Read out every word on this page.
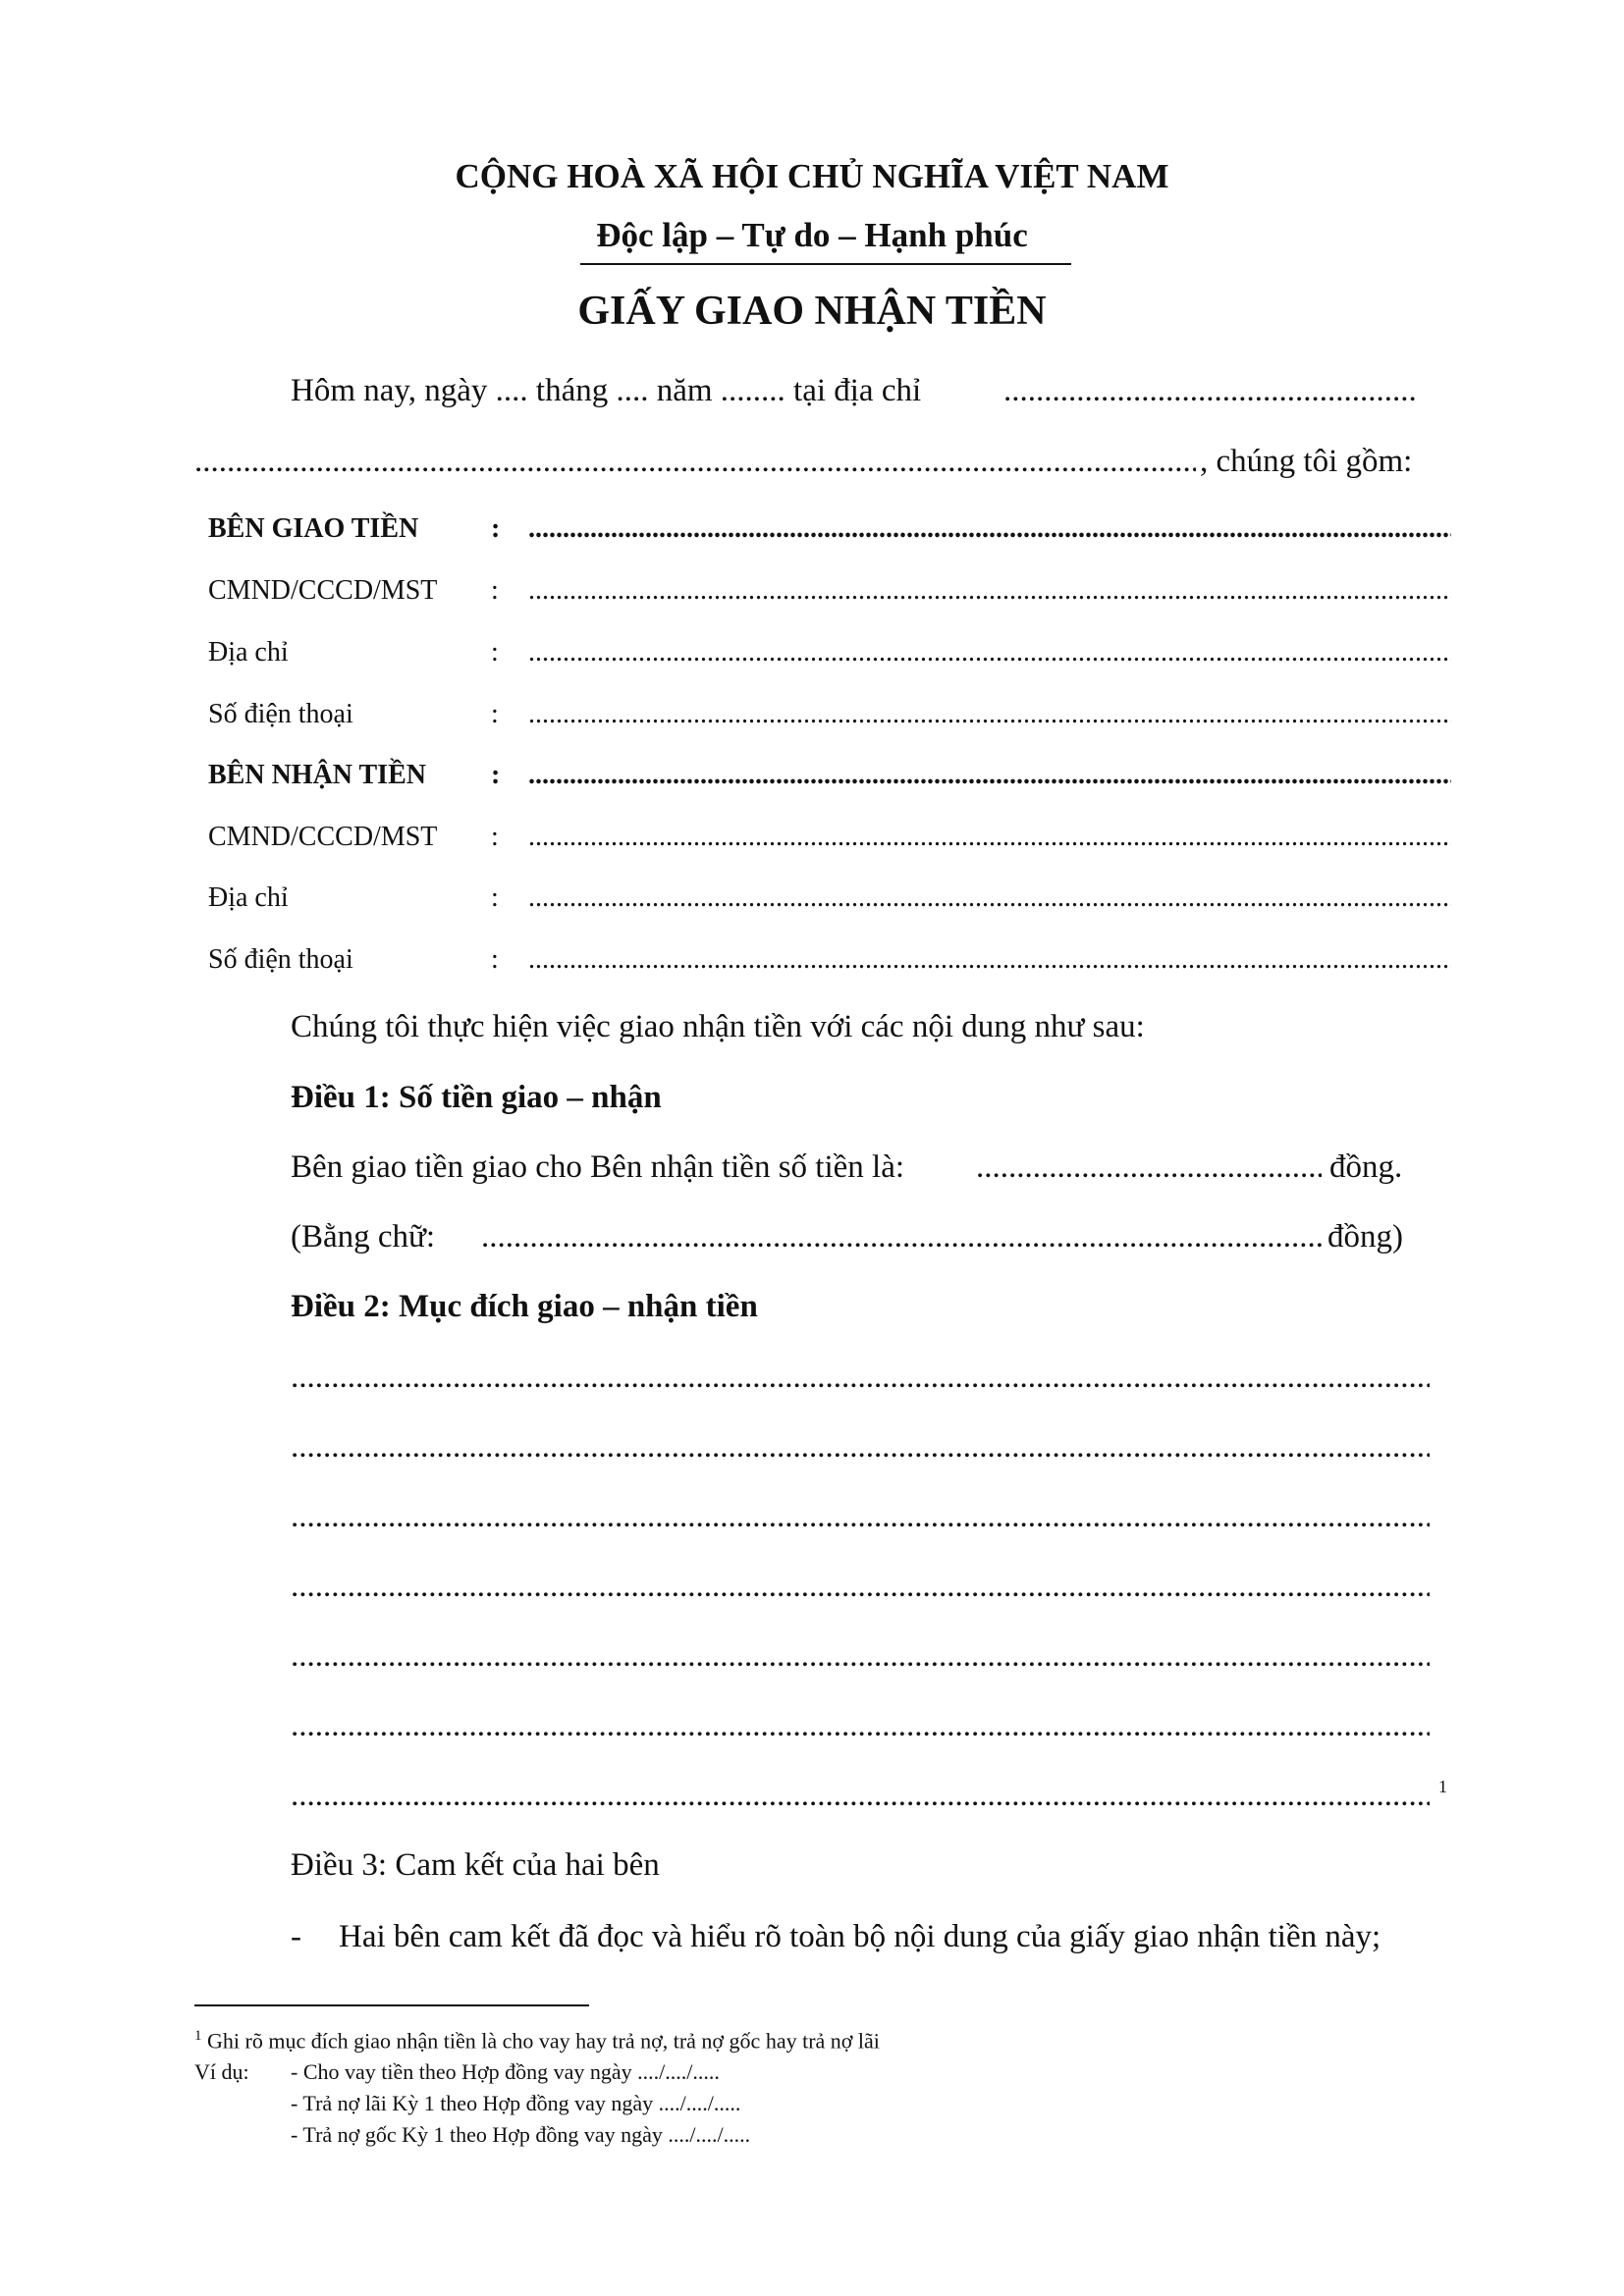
CỘNG HOÀ XÃ HỘI CHỦ NGHĨA VIỆT NAM
Độc lập – Tự do – Hạnh phúc
GIẤY GIAO NHẬN TIỀN
Hôm nay, ngày .... tháng .... năm ........ tại địa chỉ
.....
.....
, chúng tôi gồm:
BÊN GIAO TIỀN	:
.....
CMND/CCCD/MST :
.....
Địa chỉ	:
.....
Số điện thoại	:
.....
BÊN NHẬN TIỀN :
.....
CMND/CCCD/MST :
.....
Địa chỉ	:
.....
Số điện thoại	:
.....
Chúng tôi thực hiện việc giao nhận tiền với các nội dung như sau:
Điều 1: Số tiền giao – nhận
Bên giao tiền giao cho Bên nhận tiền số tiền là: .....	đồng.
(Bằng chữ: .....	đồng)
Điều 2: Mục đích giao – nhận tiền
.....
.....
.....
.....
.....
.....
.....
1
Điều 3: Cam kết của hai bên
- Hai bên cam kết đã đọc và hiểu rõ toàn bộ nội dung của giấy giao nhận tiền này;
$^1$ Ghi rõ mục đích giao nhận tiền là cho vay hay trả nợ, trả nợ gốc hay trả nợ lãi
Ví dụ: - Cho vay tiền theo Hợp đồng vay ngày ..../..../.....
- Trả nợ lãi Kỳ 1 theo Hợp đồng vay ngày ..../..../.....
- Trả nợ gốc Kỳ 1 theo Hợp đồng vay ngày ..../..../.....
